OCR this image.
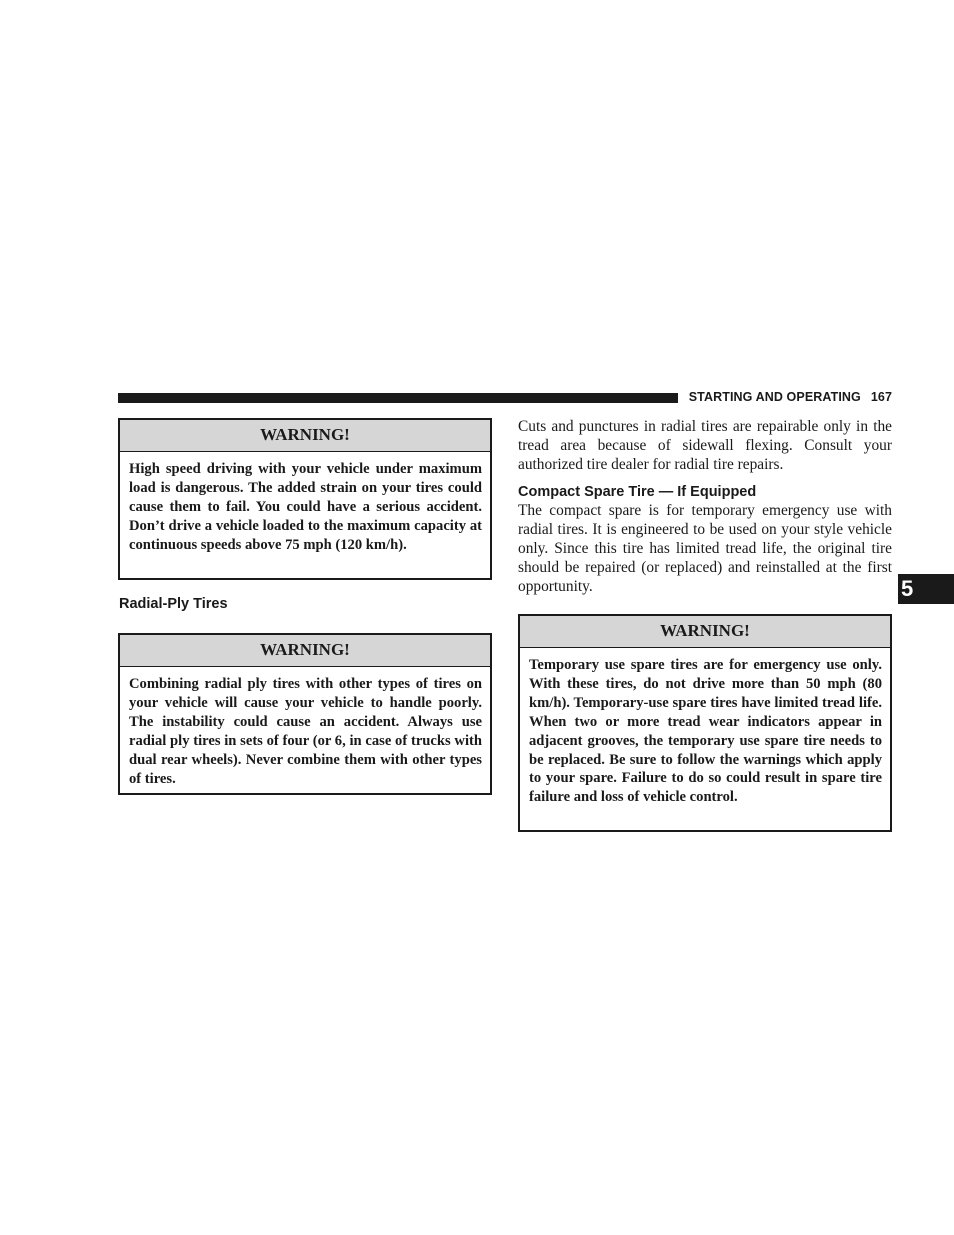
STARTING AND OPERATING 167
5
WARNING!
High speed driving with your vehicle under maximum load is dangerous. The added strain on your tires could cause them to fail. You could have a serious accident. Don’t drive a vehicle loaded to the maximum capacity at continuous speeds above 75 mph (120 km/h).
Radial-Ply Tires
WARNING!
Combining radial ply tires with other types of tires on your vehicle will cause your vehicle to handle poorly. The instability could cause an accident. Always use radial ply tires in sets of four (or 6, in case of trucks with dual rear wheels). Never combine them with other types of tires.
Cuts and punctures in radial tires are repairable only in the tread area because of sidewall flexing. Consult your authorized tire dealer for radial tire repairs.
Compact Spare Tire — If Equipped
The compact spare is for temporary emergency use with radial tires. It is engineered to be used on your style vehicle only. Since this tire has limited tread life, the original tire should be repaired (or replaced) and reinstalled at the first opportunity.
WARNING!
Temporary use spare tires are for emergency use only. With these tires, do not drive more than 50 mph (80 km/h). Temporary-use spare tires have limited tread life. When two or more tread wear indicators appear in adjacent grooves, the temporary use spare tire needs to be replaced. Be sure to follow the warnings which apply to your spare. Failure to do so could result in spare tire failure and loss of vehicle control.
